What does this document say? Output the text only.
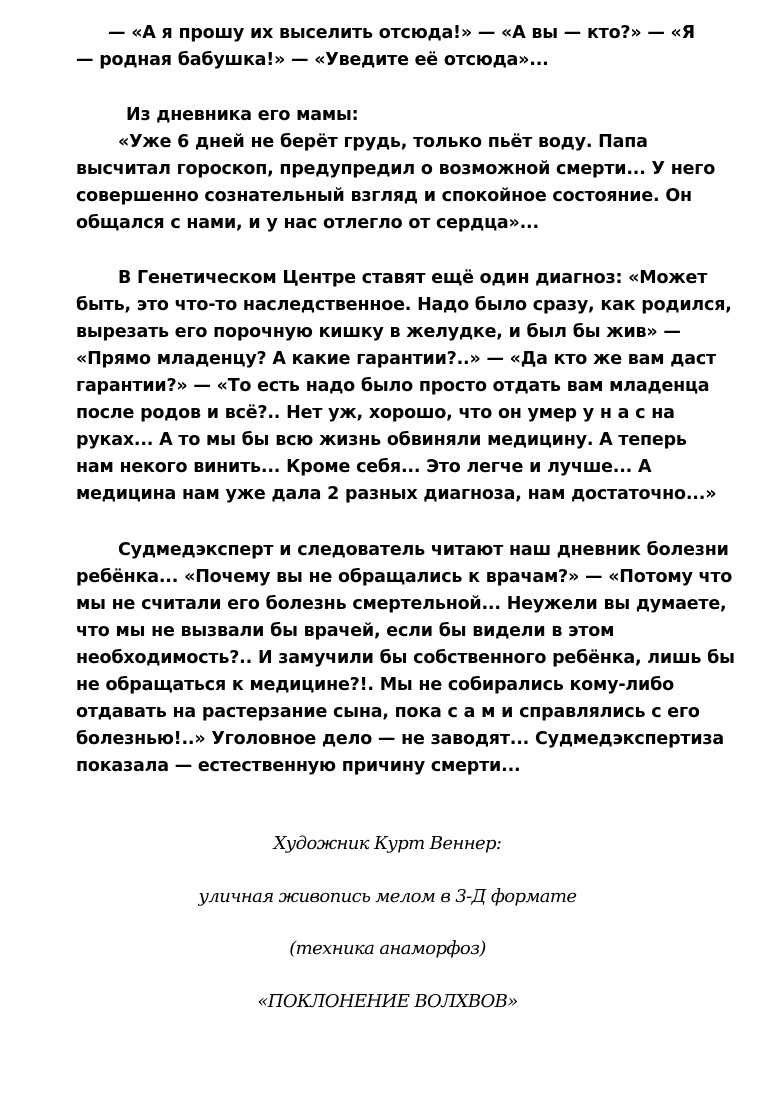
— «А я прошу их выселить отсюда!» — «А вы — кто?» — «Я
— родная бабушка!» — «Уведите её отсюда»...
Из дневника его мамы:
«Уже 6 дней не берёт грудь, только пьёт воду. Папа
высчитал гороскоп, предупредил о возможной смерти... У него
совершенно сознательный взгляд и спокойное состояние. Он
общался с нами, и у нас отлегло от сердца»...
В Генетическом Центре ставят ещё один диагноз: «Может
быть, это что-то наследственное. Надо было сразу, как родился,
вырезать его порочную кишку в желудке, и был бы жив» —
«Прямо младенцу? А какие гарантии?..» — «Да кто же вам даст
гарантии?» — «То есть надо было просто отдать вам младенца
после родов и всё?.. Нет уж, хорошо, что он умер у н а с на
руках... А то мы бы всю жизнь обвиняли медицину. А теперь
нам некого винить... Кроме себя... Это легче и лучше... А
медицина нам уже дала 2 разных диагноза, нам достаточно...»
Судмедэксперт и следователь читают наш дневник болезни
ребёнка... «Почему вы не обращались к врачам?» — «Потому что
мы не считали его болезнь смертельной... Неужели вы думаете,
что мы не вызвали бы врачей, если бы видели в этом
необходимость?.. И замучили бы собственного ребёнка, лишь бы
не обращаться к медицине?!. Мы не собирались кому-либо
отдавать на растерзание сына, пока с а м и справлялись с его
болезнью!..» Уголовное дело — не заводят... Судмедэкспертиза
показала — естественную причину смерти...
Художник Курт Веннер:
уличная живопись мелом в 3-Д формате
(техника анаморфоз)
«ПОКЛОНЕНИЕ ВОЛХВОВ»
